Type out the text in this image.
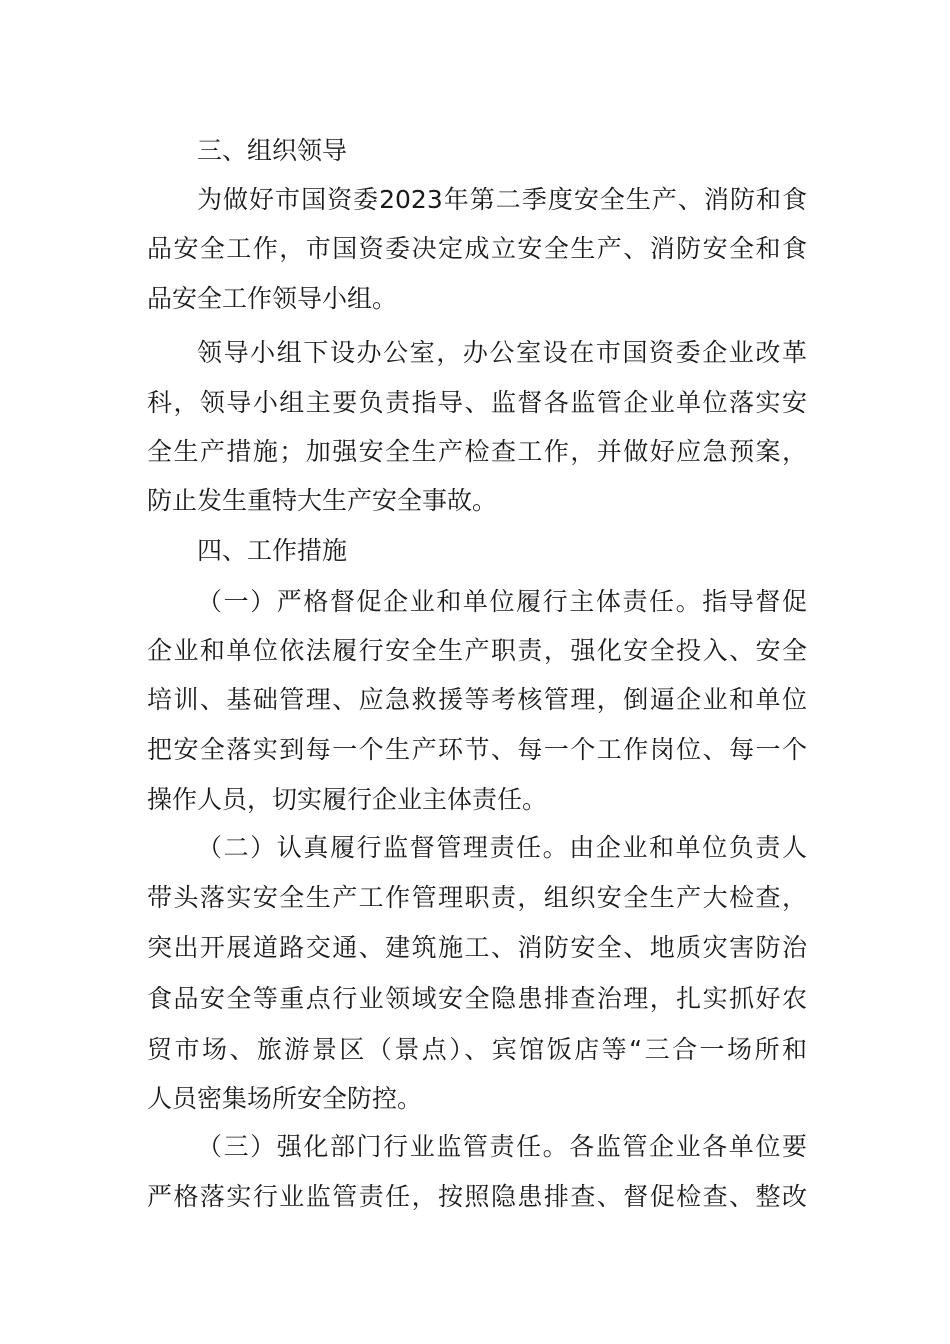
三、组织领导
为做好市国资委2023年第二季度安全生产、消防和食
品安全工作，市国资委决定成立安全生产、消防安全和食
品安全工作领导小组。
领导小组下设办公室，办公室设在市国资委企业改革
科，领导小组主要负责指导、监督各监管企业单位落实安
全生产措施；加强安全生产检查工作，并做好应急预案，
防止发生重特大生产安全事故。
四、工作措施
（一）严格督促企业和单位履行主体责任。指导督促
企业和单位依法履行安全生产职责，强化安全投入、安全
培训、基础管理、应急救援等考核管理，倒逼企业和单位
把安全落实到每一个生产环节、每一个工作岗位、每一个
操作人员，切实履行企业主体责任。
（二）认真履行监督管理责任。由企业和单位负责人
带头落实安全生产工作管理职责，组织安全生产大检查，
突出开展道路交通、建筑施工、消防安全、地质灾害防治
食品安全等重点行业领域安全隐患排查治理，扎实抓好农
贸市场、旅游景区（景点）、宾馆饭店等“三合一场所和
人员密集场所安全防控。
（三）强化部门行业监管责任。各监管企业各单位要
严格落实行业监管责任，按照隐患排查、督促检查、整改
